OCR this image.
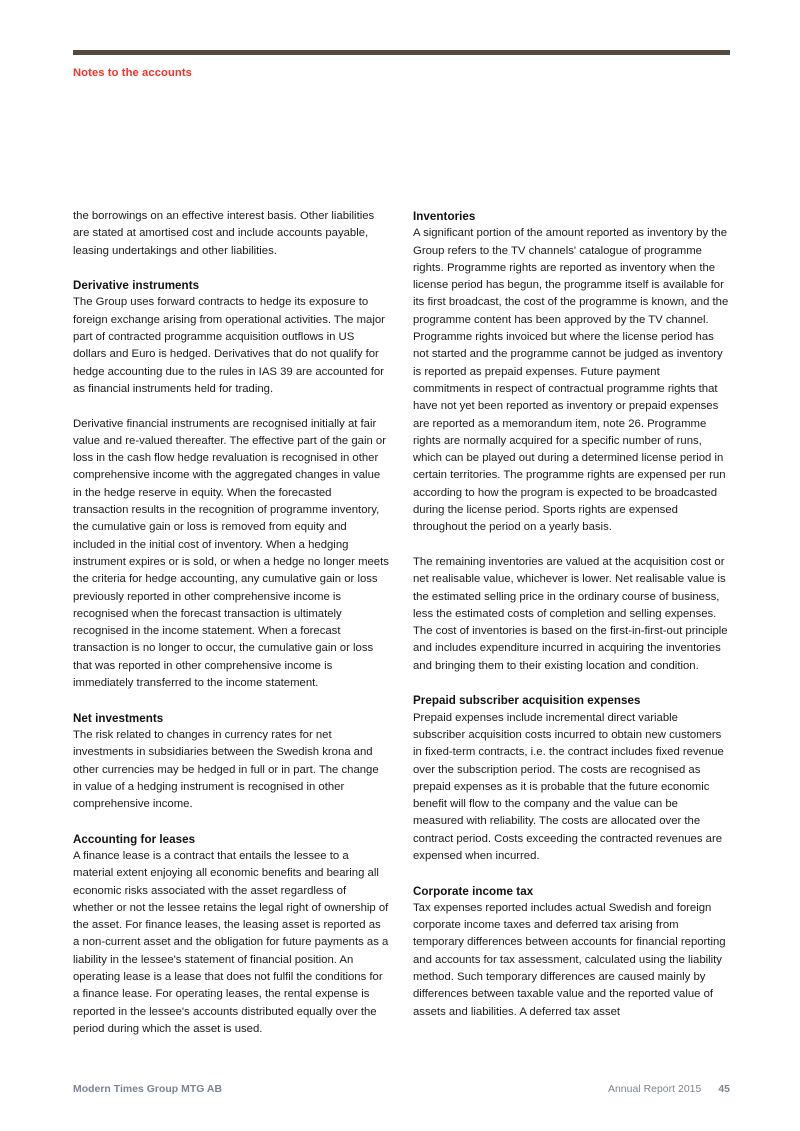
Notes to the accounts

the borrowings on an effective interest basis. Other liabilities are stated at amortised cost and include accounts payable, leasing undertakings and other liabilities.

Derivative instruments

The Group uses forward contracts to hedge its exposure to foreign exchange arising from operational activities. The major part of contracted programme acquisition outflows in US dollars and Euro is hedged. Derivatives that do not qualify for hedge accounting due to the rules in IAS 39 are accounted for as financial instruments held for trading.

Derivative financial instruments are recognised initially at fair value and re-valued thereafter. The effective part of the gain or loss in the cash flow hedge revaluation is recognised in other comprehensive income with the aggregated changes in value in the hedge reserve in equity. When the forecasted transaction results in the recognition of programme inventory, the cumulative gain or loss is removed from equity and included in the initial cost of inventory. When a hedging instrument expires or is sold, or when a hedge no longer meets the criteria for hedge accounting, any cumulative gain or loss previously reported in other comprehensive income is recognised when the forecast transaction is ultimately recognised in the income statement. When a forecast transaction is no longer to occur, the cumulative gain or loss that was reported in other comprehensive income is immediately transferred to the income statement.

Net investments

The risk related to changes in currency rates for net investments in subsidiaries between the Swedish krona and other currencies may be hedged in full or in part. The change in value of a hedging instrument is recognised in other comprehensive income.

Accounting for leases

A finance lease is a contract that entails the lessee to a material extent enjoying all economic benefits and bearing all economic risks associated with the asset regardless of whether or not the lessee retains the legal right of ownership of the asset. For finance leases, the leasing asset is reported as a non-current asset and the obligation for future payments as a liability in the lessee's statement of financial position. An operating lease is a lease that does not fulfil the conditions for a finance lease. For operating leases, the rental expense is reported in the lessee's accounts distributed equally over the period during which the asset is used.

Inventories

A significant portion of the amount reported as inventory by the Group refers to the TV channels' catalogue of programme rights. Programme rights are reported as inventory when the license period has begun, the programme itself is available for its first broadcast, the cost of the programme is known, and the programme content has been approved by the TV channel. Programme rights invoiced but where the license period has not started and the programme cannot be judged as inventory is reported as prepaid expenses. Future payment commitments in respect of contractual programme rights that have not yet been reported as inventory or prepaid expenses are reported as a memorandum item, note 26. Programme rights are normally acquired for a specific number of runs, which can be played out during a determined license period in certain territories. The programme rights are expensed per run according to how the program is expected to be broadcasted during the license period. Sports rights are expensed throughout the period on a yearly basis.

The remaining inventories are valued at the acquisition cost or net realisable value, whichever is lower. Net realisable value is the estimated selling price in the ordinary course of business, less the estimated costs of completion and selling expenses. The cost of inventories is based on the first-in-first-out principle and includes expenditure incurred in acquiring the inventories and bringing them to their existing location and condition.

Prepaid subscriber acquisition expenses

Prepaid expenses include incremental direct variable subscriber acquisition costs incurred to obtain new customers in fixed-term contracts, i.e. the contract includes fixed revenue over the subscription period. The costs are recognised as prepaid expenses as it is probable that the future economic benefit will flow to the company and the value can be measured with reliability. The costs are allocated over the contract period. Costs exceeding the contracted revenues are expensed when incurred.

Corporate income tax

Tax expenses reported includes actual Swedish and foreign corporate income taxes and deferred tax arising from temporary differences between accounts for financial reporting and accounts for tax assessment, calculated using the liability method. Such temporary differences are caused mainly by differences between taxable value and the reported value of assets and liabilities. A deferred tax asset

Modern Times Group MTG AB	Annual Report 2015 45
